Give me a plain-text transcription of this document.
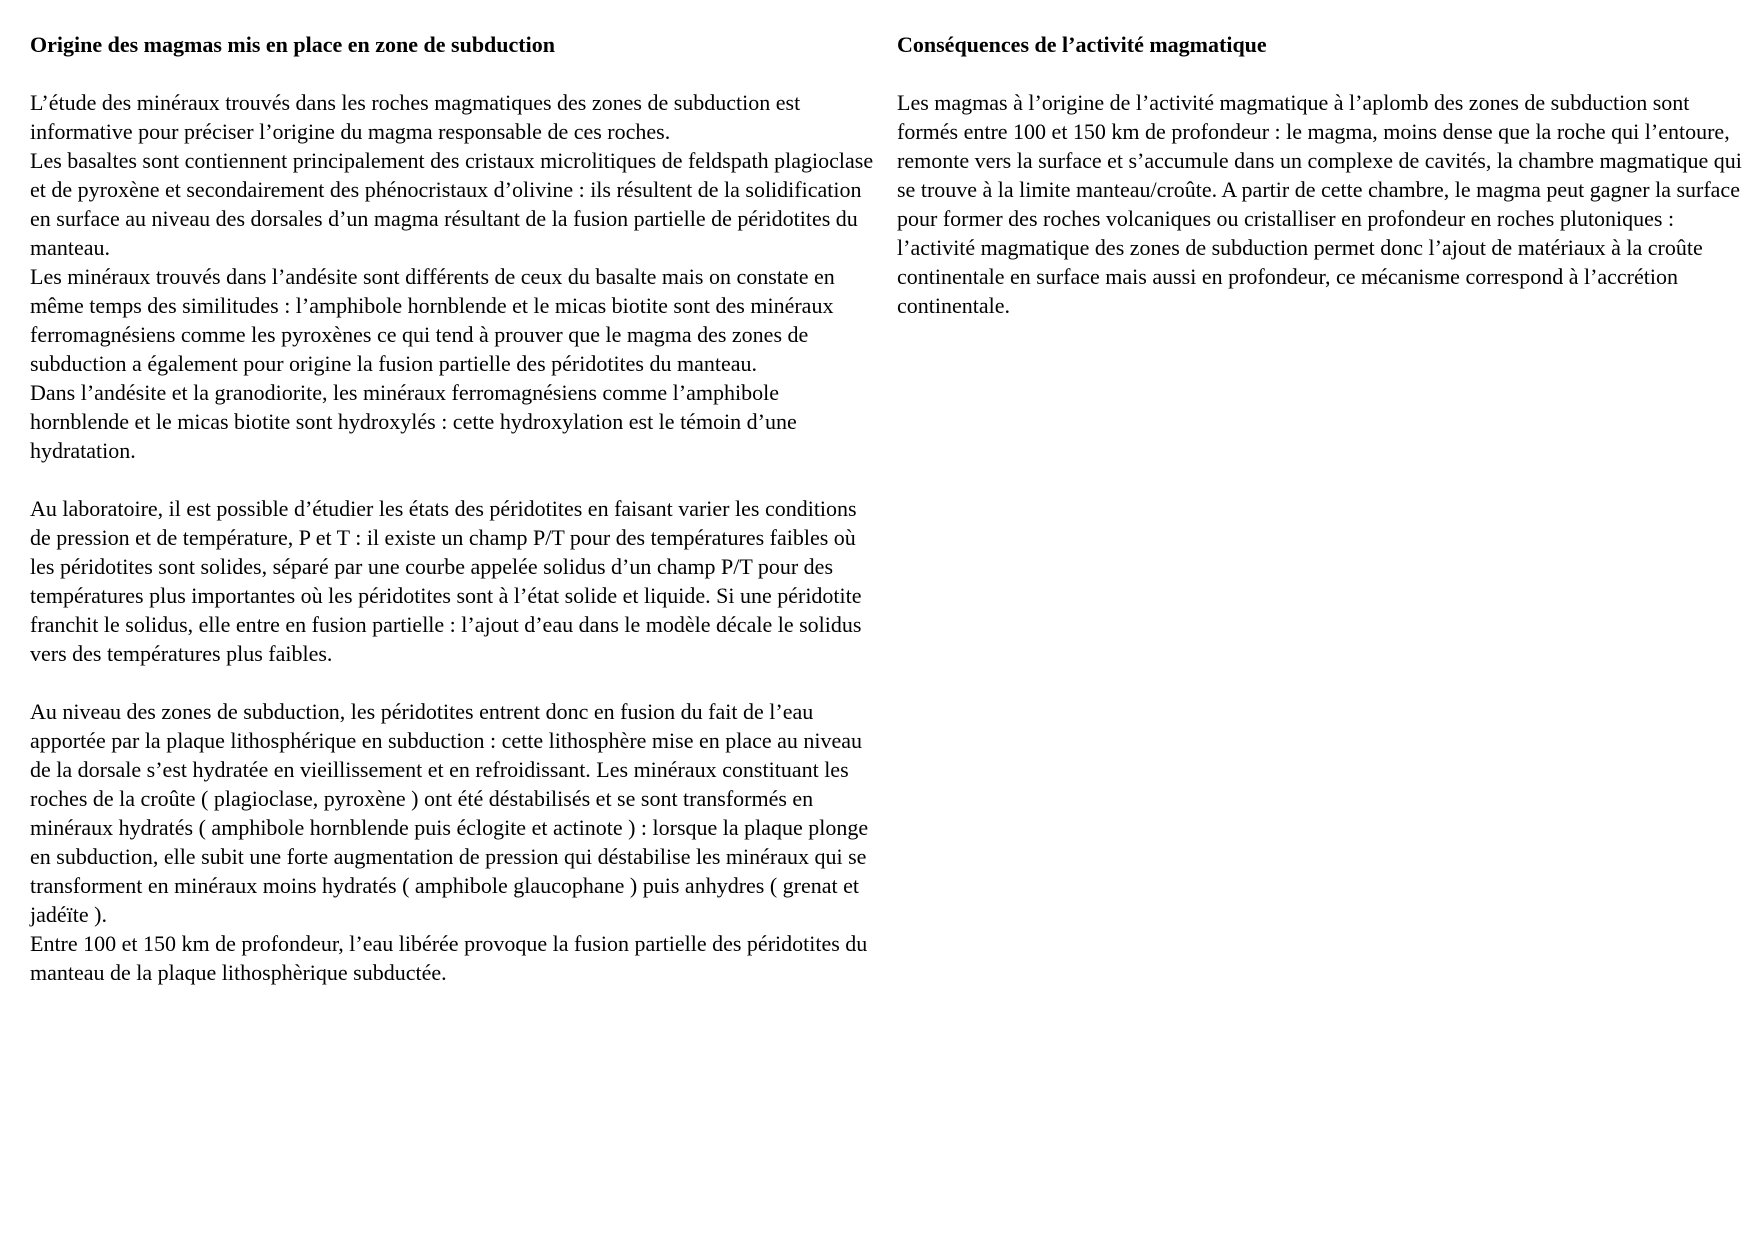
Origine des magmas mis en place en zone de subduction

L’étude des minéraux trouvés dans les roches magmatiques des zones de subduction est informative pour préciser l’origine du magma responsable de ces roches.

Les basaltes sont contiennent principalement des cristaux microlitiques de feldspath plagioclase et de pyroxène et secondairement des phénocristaux d’olivine : ils résultent de la solidification en surface au niveau des dorsales d’un magma résultant de la fusion partielle de péridotites du manteau.

Les minéraux trouvés dans l’andésite sont différents de ceux du basalte mais on constate en même temps des similitudes : l’amphibole hornblende et le micas biotite sont des minéraux ferromagnésiens comme les pyroxènes ce qui tend à prouver que le magma des zones de subduction a également pour origine la fusion partielle des péridotites du manteau.

Dans l’andésite et la granodiorite, les minéraux ferromagnésiens comme l’amphibole hornblende et le micas biotite sont hydroxylés : cette hydroxylation est le témoin d’une hydratation.

Au laboratoire, il est possible d’étudier les états des péridotites en faisant varier les conditions de pression et de température, P et T : il existe un champ P/T pour des températures faibles où les péridotites sont solides, séparé par une courbe appelée solidus d’un champ P/T pour des températures plus importantes où les péridotites sont à l’état solide et liquide. Si une péridotite franchit le solidus, elle entre en fusion partielle : l’ajout d’eau dans le modèle décale le solidus vers des températures plus faibles.

Au niveau des zones de subduction, les péridotites entrent donc en fusion du fait de l’eau apportée par la plaque lithosphérique en subduction : cette lithosphère mise en place au niveau de la dorsale s’est hydratée en vieillissement et en refroidissant. Les minéraux constituant les roches de la croûte ( plagioclase, pyroxène ) ont été déstabilisés et se sont transformés en minéraux hydratés ( amphibole hornblende puis éclogite et actinote ) : lorsque la plaque plonge en subduction, elle subit une forte augmentation de pression qui déstabilise les minéraux qui se transforment en minéraux moins hydratés ( amphibole glaucophane ) puis anhydres ( grenat et jadéïte ).

Entre 100 et 150 km de profondeur, l’eau libérée provoque la fusion partielle des péridotites du manteau de la plaque lithosphèrique subductée.

Conséquences de l’activité magmatique

Les magmas à l’origine de l’activité magmatique à l’aplomb des zones de subduction sont formés entre 100 et 150 km de profondeur : le magma, moins dense que la roche qui l’entoure, remonte vers la surface et s’accumule dans un complexe de cavités, la chambre magmatique qui se trouve à la limite manteau/croûte. A partir de cette chambre, le magma peut gagner la surface pour former des roches volcaniques ou cristalliser en profondeur en roches plutoniques : l’activité magmatique des zones de subduction permet donc l’ajout de matériaux à la croûte continentale en surface mais aussi en profondeur, ce mécanisme correspond à l’accrétion continentale.
